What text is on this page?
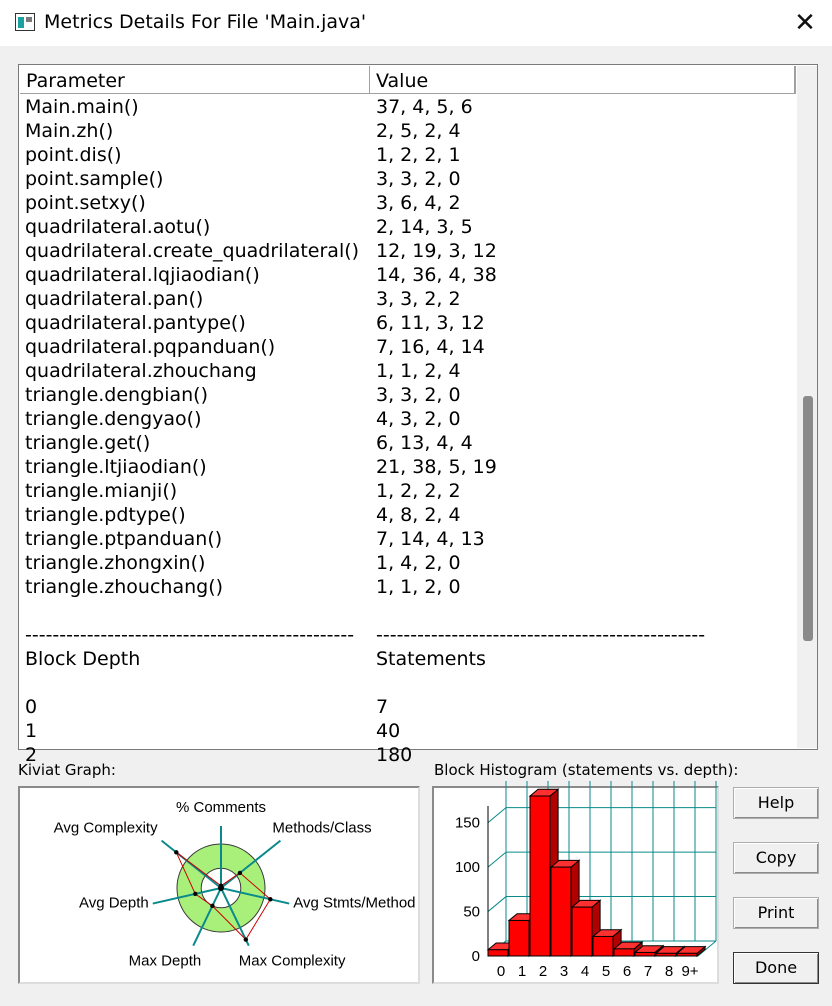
Metrics Details For File 'Main.java'	✕
Parameter	Value
Main.main()	37, 4, 5, 6
Main.zh()	2, 5, 2, 4
point.dis()	1, 2, 2, 1
point.sample()	3, 3, 2, 0
point.setxy()	3, 6, 4, 2
quadrilateral.aotu()	2, 14, 3, 5
quadrilateral.create_quadrilateral() 12, 19, 3, 12
quadrilateral.lqjiaodian()	14, 36, 4, 38
quadrilateral.pan()	3, 3, 2, 2
quadrilateral.pantype()	6, 11, 3, 12
quadrilateral.pqpanduan()	7, 16, 4, 14
quadrilateral.zhouchang	1, 1, 2, 4
triangle.dengbian()	3, 3, 2, 0
triangle.dengyao()	4, 3, 2, 0
triangle.get()	6, 13, 4, 4
triangle.ltjiaodian()	21, 38, 5, 19
triangle.mianji()	1, 2, 2, 2
triangle.pdtype()	4, 8, 2, 4
triangle.ptpanduan()	7, 14, 4, 13
triangle.zhongxin()	1, 4, 2, 0
triangle.zhouchang()	1, 1, 2, 0
------------------------------------------------ ------------------------------------------------
Block Depth	Statements
0	7
1	40
2	180
Kiviat Graph:	Block Histogram (statements vs. depth):
% Comments
Methods/Class
Avg Stmts/Method
Max Complexity
Max Depth
Avg Depth
Avg Complexity
0
50
100
150
0 1 2 3 4 5 6 7 8 9+
Help
Copy
Print
Done
